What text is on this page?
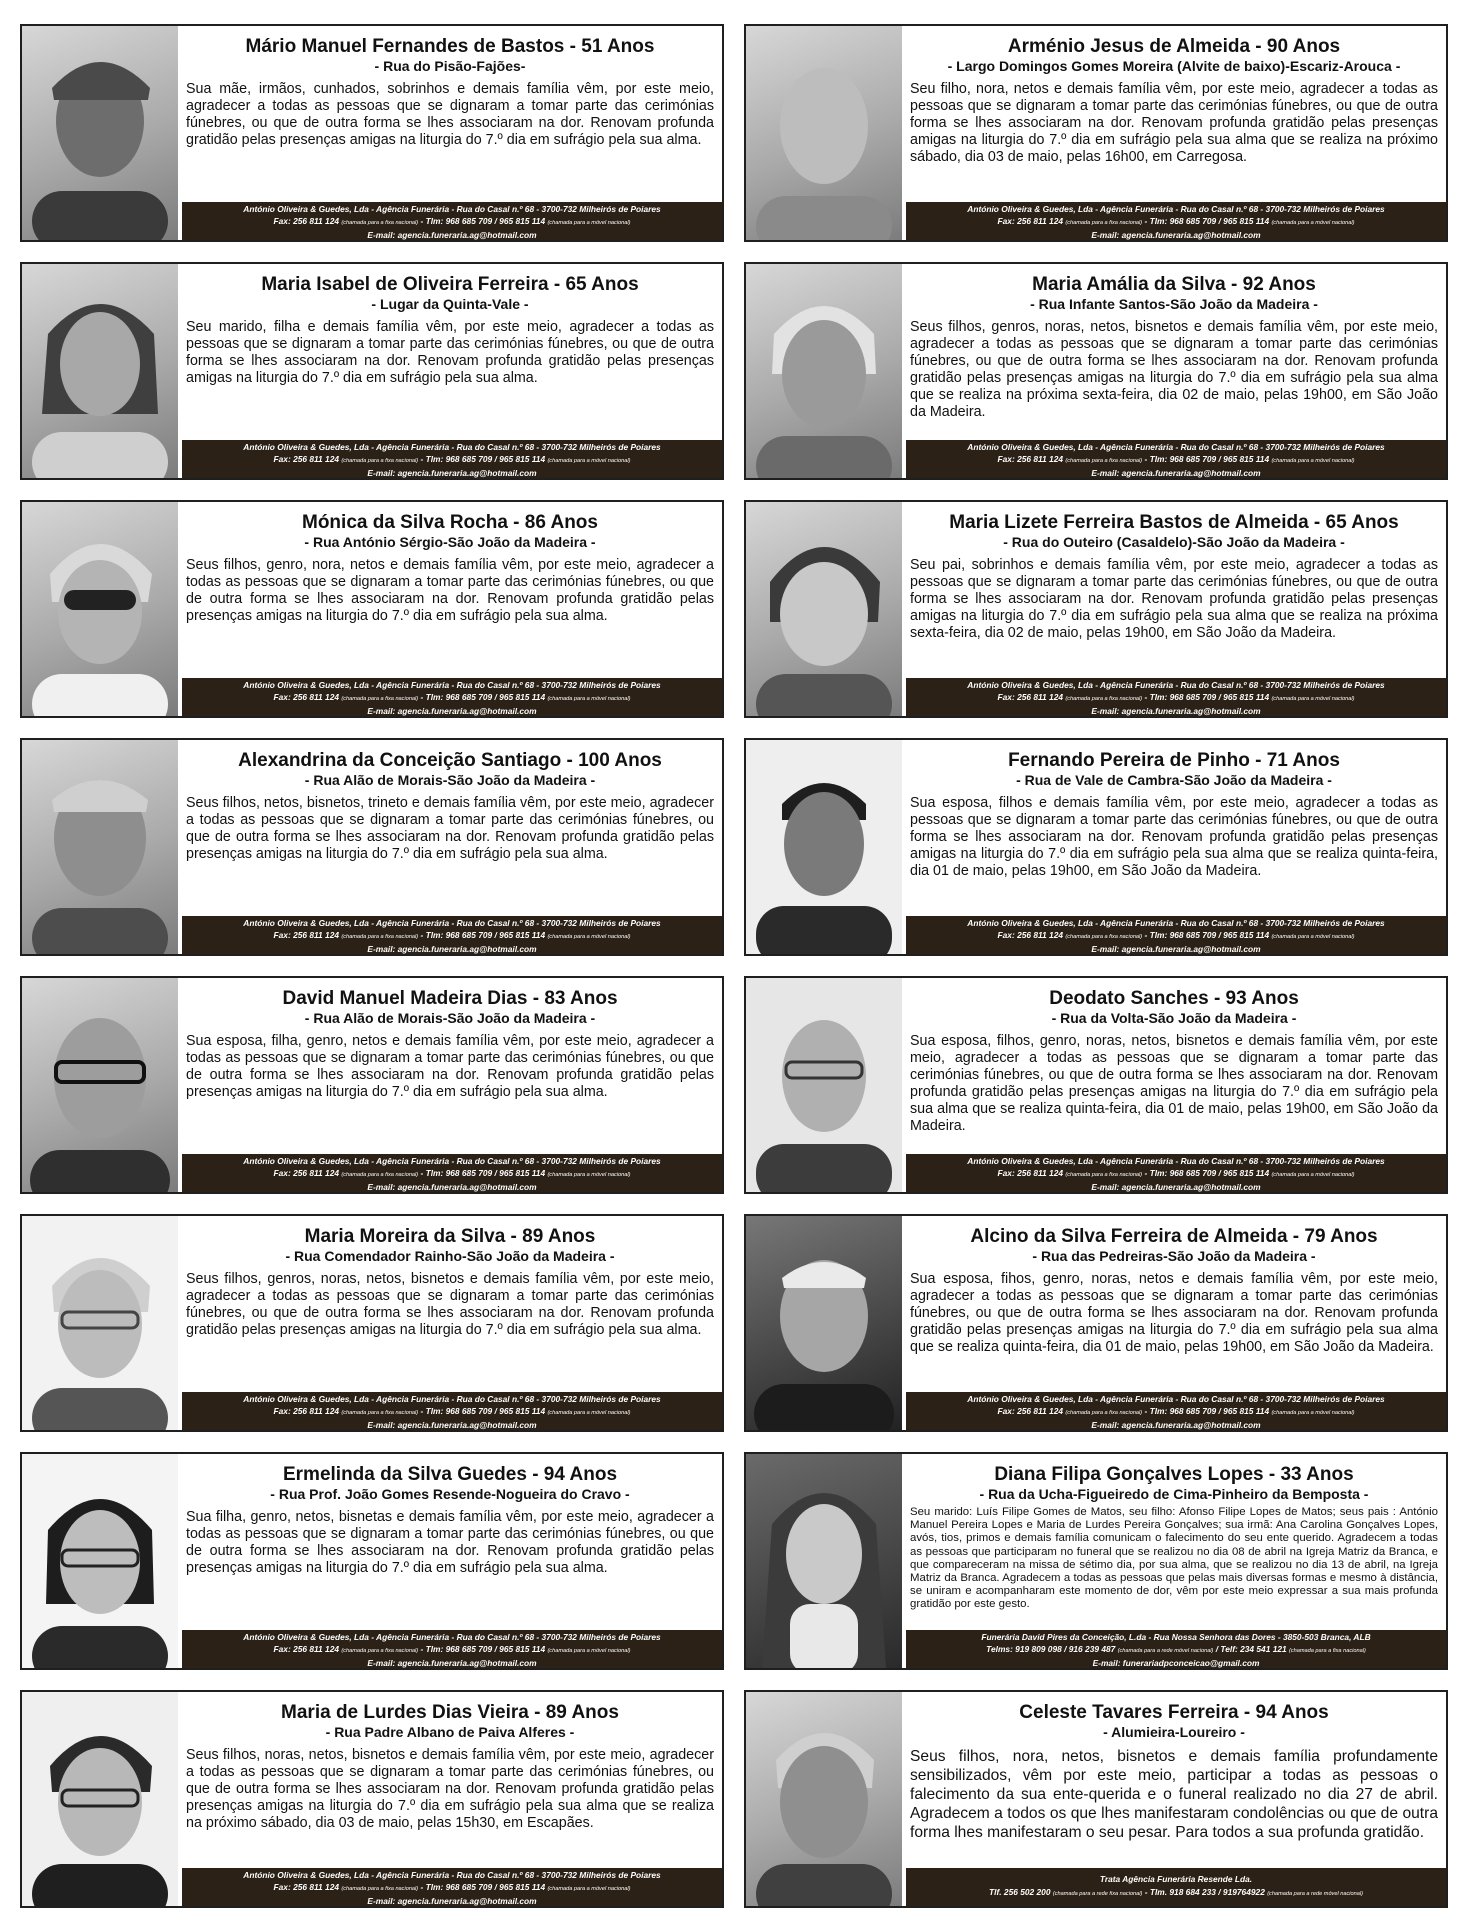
Mário Manuel Fernandes de Bastos - 51 Anos
- Rua do Pisão-Fajões-
Sua mãe, irmãos, cunhados, sobrinhos e demais família vêm, por este meio, agradecer a todas as pessoas que se dignaram a tomar parte das cerimónias fúnebres, ou que de outra forma se lhes associaram na dor. Renovam profunda gratidão pelas presenças amigas na liturgia do 7.º dia em sufrágio pela sua alma.
António Oliveira & Guedes, Lda - Agência Funerária - Rua do Casal n.º 68 - 3700-732 Milheirós de Poiares
Fax: 256 811 124 (chamada para a fixa nacional) - Tlm: 968 685 709 / 965 815 114 (chamada para a móvel nacional)
E-mail: agencia.funeraria.ag@hotmail.com
Arménio Jesus de Almeida - 90 Anos
- Largo Domingos Gomes Moreira (Alvite de baixo)-Escariz-Arouca -
Seu filho, nora, netos e demais família vêm, por este meio, agradecer a todas as pessoas que se dignaram a tomar parte das cerimónias fúnebres, ou que de outra forma se lhes associaram na dor. Renovam profunda gratidão pelas presenças amigas na liturgia do 7.º dia em sufrágio pela sua alma que se realiza na próximo sábado, dia 03 de maio, pelas 16h00, em Carregosa.
António Oliveira & Guedes, Lda - Agência Funerária - Rua do Casal n.º 68 - 3700-732 Milheirós de Poiares
Fax: 256 811 124 (chamada para a fixa nacional) - Tlm: 968 685 709 / 965 815 114 (chamada para a móvel nacional)
E-mail: agencia.funeraria.ag@hotmail.com
Maria Isabel de Oliveira Ferreira - 65 Anos
- Lugar da Quinta-Vale -
Seu marido, filha e demais família vêm, por este meio, agradecer a todas as pessoas que se dignaram a tomar parte das cerimónias fúnebres, ou que de outra forma se lhes associaram na dor. Renovam profunda gratidão pelas presenças amigas na liturgia do 7.º dia em sufrágio pela sua alma.
António Oliveira & Guedes, Lda - Agência Funerária - Rua do Casal n.º 68 - 3700-732 Milheirós de Poiares
Fax: 256 811 124 (chamada para a fixa nacional) - Tlm: 968 685 709 / 965 815 114 (chamada para a móvel nacional)
E-mail: agencia.funeraria.ag@hotmail.com
Maria Amália da Silva - 92 Anos
- Rua Infante Santos-São João da Madeira -
Seus filhos, genros, noras, netos, bisnetos e demais família vêm, por este meio, agradecer a todas as pessoas que se dignaram a tomar parte das cerimónias fúnebres, ou que de outra forma se lhes associaram na dor. Renovam profunda gratidão pelas presenças amigas na liturgia do 7.º dia em sufrágio pela sua alma que se realiza na próxima sexta-feira, dia 02 de maio, pelas 19h00, em São João da Madeira.
António Oliveira & Guedes, Lda - Agência Funerária - Rua do Casal n.º 68 - 3700-732 Milheirós de Poiares
Fax: 256 811 124 (chamada para a fixa nacional) - Tlm: 968 685 709 / 965 815 114 (chamada para a móvel nacional)
E-mail: agencia.funeraria.ag@hotmail.com
Mónica da Silva Rocha - 86 Anos
- Rua António Sérgio-São João da Madeira -
Seus filhos, genro, nora, netos e demais família vêm, por este meio, agradecer a todas as pessoas que se dignaram a tomar parte das cerimónias fúnebres, ou que de outra forma se lhes associaram na dor. Renovam profunda gratidão pelas presenças amigas na liturgia do 7.º dia em sufrágio pela sua alma.
António Oliveira & Guedes, Lda - Agência Funerária - Rua do Casal n.º 68 - 3700-732 Milheirós de Poiares
Fax: 256 811 124 (chamada para a fixa nacional) - Tlm: 968 685 709 / 965 815 114 (chamada para a móvel nacional)
E-mail: agencia.funeraria.ag@hotmail.com
Maria Lizete Ferreira Bastos de Almeida - 65 Anos
- Rua do Outeiro (Casaldelo)-São João da Madeira -
Seu pai, sobrinhos e demais família vêm, por este meio, agradecer a todas as pessoas que se dignaram a tomar parte das cerimónias fúnebres, ou que de outra forma se lhes associaram na dor. Renovam profunda gratidão pelas presenças amigas na liturgia do 7.º dia em sufrágio pela sua alma que se realiza na próxima sexta-feira, dia 02 de maio, pelas 19h00, em São João da Madeira.
António Oliveira & Guedes, Lda - Agência Funerária - Rua do Casal n.º 68 - 3700-732 Milheirós de Poiares
Fax: 256 811 124 (chamada para a fixa nacional) - Tlm: 968 685 709 / 965 815 114 (chamada para a móvel nacional)
E-mail: agencia.funeraria.ag@hotmail.com
Alexandrina da Conceição Santiago - 100 Anos
- Rua Alão de Morais-São João da Madeira -
Seus filhos, netos, bisnetos, trineto e demais família vêm, por este meio, agradecer a todas as pessoas que se dignaram a tomar parte das cerimónias fúnebres, ou que de outra forma se lhes associaram na dor. Renovam profunda gratidão pelas presenças amigas na liturgia do 7.º dia em sufrágio pela sua alma.
António Oliveira & Guedes, Lda - Agência Funerária - Rua do Casal n.º 68 - 3700-732 Milheirós de Poiares
Fax: 256 811 124 (chamada para a fixa nacional) - Tlm: 968 685 709 / 965 815 114 (chamada para a móvel nacional)
E-mail: agencia.funeraria.ag@hotmail.com
Fernando Pereira de Pinho - 71 Anos
- Rua de Vale de Cambra-São João da Madeira -
Sua esposa, filhos e demais família vêm, por este meio, agradecer a todas as pessoas que se dignaram a tomar parte das cerimónias fúnebres, ou que de outra forma se lhes associaram na dor. Renovam profunda gratidão pelas presenças amigas na liturgia do 7.º dia em sufrágio pela sua alma que se realiza quinta-feira, dia 01 de maio, pelas 19h00, em São João da Madeira.
António Oliveira & Guedes, Lda - Agência Funerária - Rua do Casal n.º 68 - 3700-732 Milheirós de Poiares
Fax: 256 811 124 (chamada para a fixa nacional) - Tlm: 968 685 709 / 965 815 114 (chamada para a móvel nacional)
E-mail: agencia.funeraria.ag@hotmail.com
David Manuel Madeira Dias - 83 Anos
- Rua Alão de Morais-São João da Madeira -
Sua esposa, filha, genro, netos e demais família vêm, por este meio, agradecer a todas as pessoas que se dignaram a tomar parte das cerimónias fúnebres, ou que de outra forma se lhes associaram na dor. Renovam profunda gratidão pelas presenças amigas na liturgia do 7.º dia em sufrágio pela sua alma.
António Oliveira & Guedes, Lda - Agência Funerária - Rua do Casal n.º 68 - 3700-732 Milheirós de Poiares
Fax: 256 811 124 (chamada para a fixa nacional) - Tlm: 968 685 709 / 965 815 114 (chamada para a móvel nacional)
E-mail: agencia.funeraria.ag@hotmail.com
Deodato Sanches - 93 Anos
- Rua da Volta-São João da Madeira -
Sua esposa, filhos, genro, noras, netos, bisnetos e demais família vêm, por este meio, agradecer a todas as pessoas que se dignaram a tomar parte das cerimónias fúnebres, ou que de outra forma se lhes associaram na dor. Renovam profunda gratidão pelas presenças amigas na liturgia do 7.º dia em sufrágio pela sua alma que se realiza quinta-feira, dia 01 de maio, pelas 19h00, em São João da Madeira.
António Oliveira & Guedes, Lda - Agência Funerária - Rua do Casal n.º 68 - 3700-732 Milheirós de Poiares
Fax: 256 811 124 (chamada para a fixa nacional) - Tlm: 968 685 709 / 965 815 114 (chamada para a móvel nacional)
E-mail: agencia.funeraria.ag@hotmail.com
Maria Moreira da Silva - 89 Anos
- Rua Comendador Rainho-São João da Madeira -
Seus filhos, genros, noras, netos, bisnetos e demais família vêm, por este meio, agradecer a todas as pessoas que se dignaram a tomar parte das cerimónias fúnebres, ou que de outra forma se lhes associaram na dor. Renovam profunda gratidão pelas presenças amigas na liturgia do 7.º dia em sufrágio pela sua alma.
António Oliveira & Guedes, Lda - Agência Funerária - Rua do Casal n.º 68 - 3700-732 Milheirós de Poiares
Fax: 256 811 124 (chamada para a fixa nacional) - Tlm: 968 685 709 / 965 815 114 (chamada para a móvel nacional)
E-mail: agencia.funeraria.ag@hotmail.com
Alcino da Silva Ferreira de Almeida - 79 Anos
- Rua das Pedreiras-São João da Madeira -
Sua esposa, fihos, genro, noras, netos e demais família vêm, por este meio, agradecer a todas as pessoas que se dignaram a tomar parte das cerimónias fúnebres, ou que de outra forma se lhes associaram na dor. Renovam profunda gratidão pelas presenças amigas na liturgia do 7.º dia em sufrágio pela sua alma que se realiza quinta-feira, dia 01 de maio, pelas 19h00, em São João da Madeira.
António Oliveira & Guedes, Lda - Agência Funerária - Rua do Casal n.º 68 - 3700-732 Milheirós de Poiares
Fax: 256 811 124 (chamada para a fixa nacional) - Tlm: 968 685 709 / 965 815 114 (chamada para a móvel nacional)
E-mail: agencia.funeraria.ag@hotmail.com
Ermelinda da Silva Guedes - 94 Anos
- Rua Prof. João Gomes Resende-Nogueira do Cravo -
Sua filha, genro, netos, bisnetas e demais família vêm, por este meio, agradecer a todas as pessoas que se dignaram a tomar parte das cerimónias fúnebres, ou que de outra forma se lhes associaram na dor. Renovam profunda gratidão pelas presenças amigas na liturgia do 7.º dia em sufrágio pela sua alma.
António Oliveira & Guedes, Lda - Agência Funerária - Rua do Casal n.º 68 - 3700-732 Milheirós de Poiares
Fax: 256 811 124 (chamada para a fixa nacional) - Tlm: 968 685 709 / 965 815 114 (chamada para a móvel nacional)
E-mail: agencia.funeraria.ag@hotmail.com
Diana Filipa Gonçalves Lopes - 33 Anos
- Rua da Ucha-Figueiredo de Cima-Pinheiro da Bemposta -
Seu marido: Luís Filipe Gomes de Matos, seu filho: Afonso Filipe Lopes de Matos; seus pais : António Manuel Pereira Lopes e Maria de Lurdes Pereira Gonçalves; sua irmã: Ana Carolina Gonçalves Lopes, avós, tios, primos e demais família comunicam o falecimento do seu ente querido. Agradecem a todas as pessoas que participaram no funeral que se realizou no dia 08 de abril na Igreja Matriz da Branca, e que compareceram na missa de sétimo dia, por sua alma, que se realizou no dia 13 de abril, na Igreja Matriz da Branca. Agradecem a todas as pessoas que pelas mais diversas formas e mesmo à distância, se uniram e acompanharam este momento de dor, vêm por este meio expressar a sua mais profunda gratidão por este gesto.
Funerária David Pires da Conceição, L.da - Rua Nossa Senhora das Dores - 3850-503 Branca, ALB
Telms: 919 809 098 / 916 239 487 (chamada para a rede móvel nacional) / Telf: 234 541 121 (chamada para a fixa nacional)
E-mail: funerariadpconceicao@gmail.com
Maria de Lurdes Dias Vieira - 89 Anos
- Rua Padre Albano de Paiva Alferes -
Seus filhos, noras, netos, bisnetos e demais família vêm, por este meio, agradecer a todas as pessoas que se dignaram a tomar parte das cerimónias fúnebres, ou que de outra forma se lhes associaram na dor. Renovam profunda gratidão pelas presenças amigas na liturgia do 7.º dia em sufrágio pela sua alma que se realiza na próximo sábado, dia 03 de maio, pelas 15h30, em Escapães.
António Oliveira & Guedes, Lda - Agência Funerária - Rua do Casal n.º 68 - 3700-732 Milheirós de Poiares
Fax: 256 811 124 (chamada para a fixa nacional) - Tlm: 968 685 709 / 965 815 114 (chamada para a móvel nacional)
E-mail: agencia.funeraria.ag@hotmail.com
Celeste Tavares Ferreira - 94 Anos
- Alumieira-Loureiro -
Seus filhos, nora, netos, bisnetos e demais família profundamente sensibilizados, vêm por este meio, participar a todas as pessoas o falecimento da sua ente-querida e o funeral realizado no dia 27 de abril. Agradecem a todos os que lhes manifestaram condolências ou que de outra forma lhes manifestaram o seu pesar. Para todos a sua profunda gratidão.
Trata Agência Funerária Resende Lda.
Tlf. 256 502 200 (chamada para a rede fixa nacional) - Tlm. 918 684 233 / 919764922 (chamada para a rede móvel nacional)
